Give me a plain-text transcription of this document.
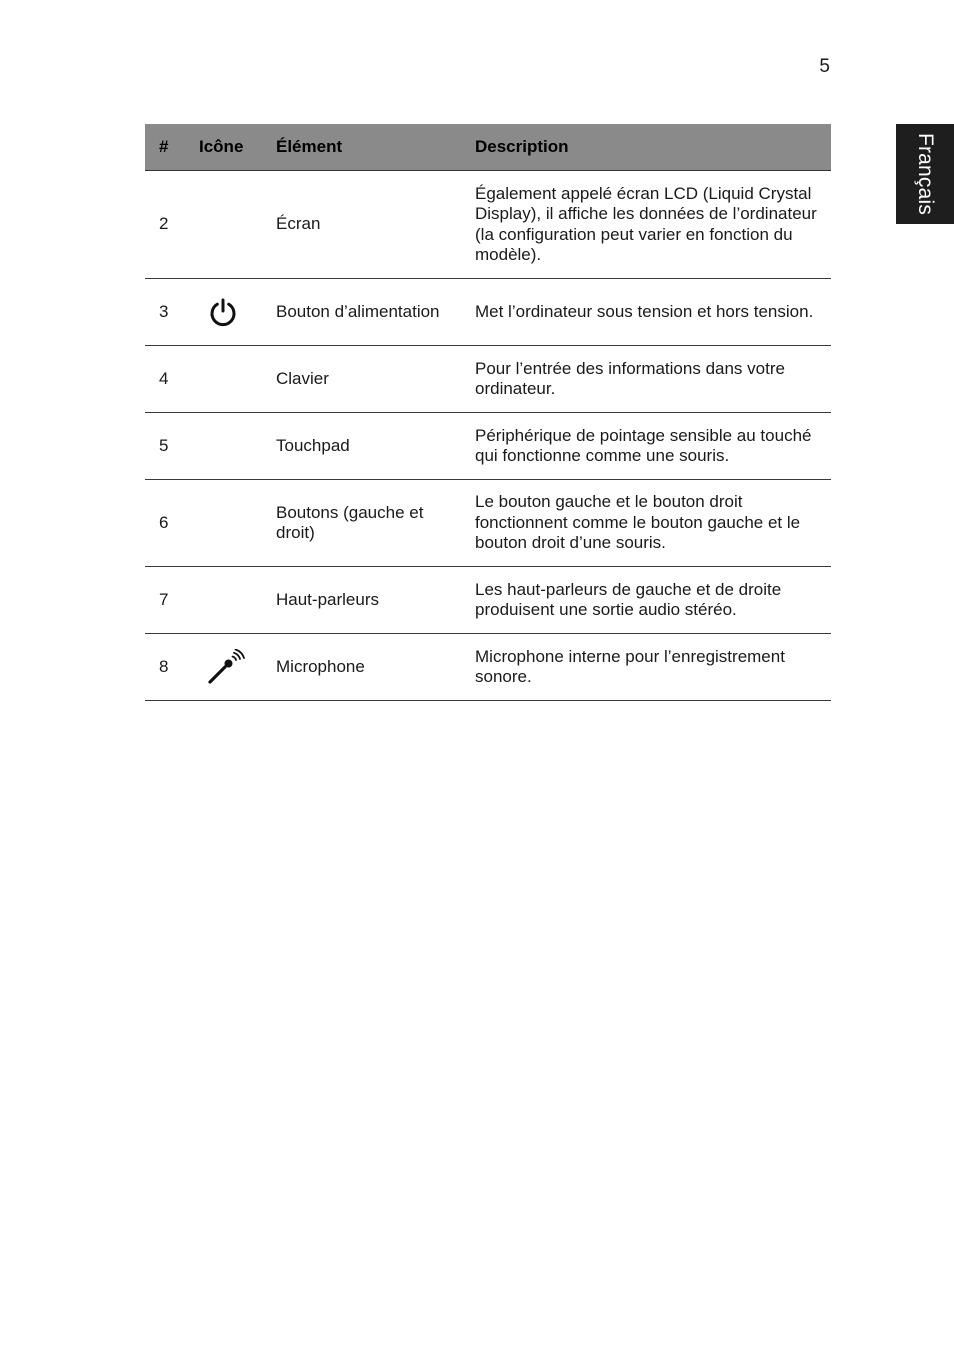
5
Français
#	Icône	Élément	Description
2		Écran	Également appelé écran LCD (Liquid Crystal Display), il affiche les données de l’ordinateur (la configuration peut varier en fonction du modèle).
3		Bouton d’alimentation	Met l’ordinateur sous tension et hors tension.
4		Clavier	Pour l’entrée des informations dans votre ordinateur.
5		Touchpad	Périphérique de pointage sensible au touché qui fonctionne comme une souris.
6		Boutons (gauche et droit)	Le bouton gauche et le bouton droit fonctionnent comme le bouton gauche et le bouton droit d’une souris.
7		Haut-parleurs	Les haut-parleurs de gauche et de droite produisent une sortie audio stéréo.
8		Microphone	Microphone interne pour l’enregistrement sonore.
